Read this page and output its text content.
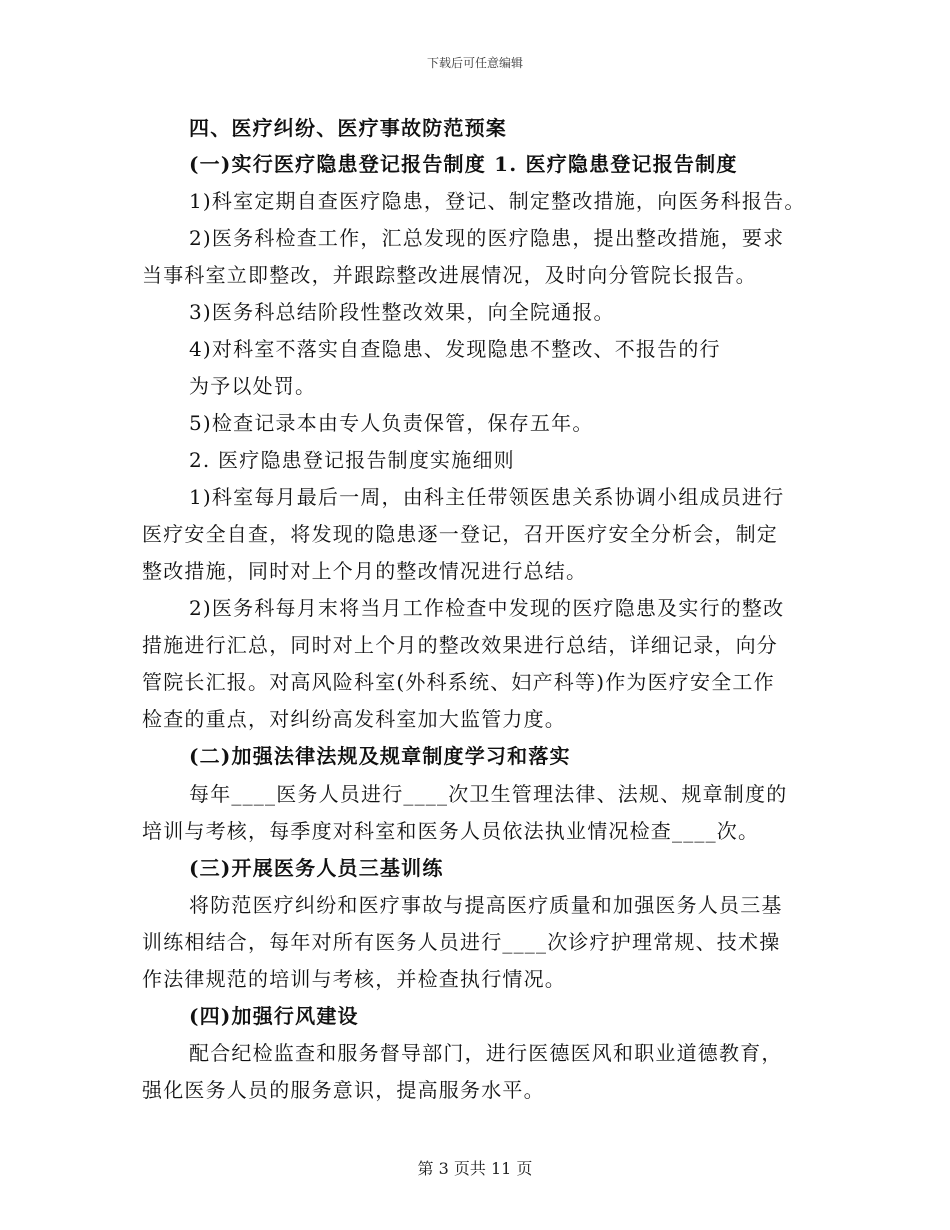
下载后可任意编辑
四、医疗纠纷、医疗事故防范预案
(一)实行医疗隐患登记报告制度 1. 医疗隐患登记报告制度
1)科室定期自查医疗隐患，登记、制定整改措施，向医务科报告。
2)医务科检查工作，汇总发现的医疗隐患，提出整改措施，要求
当事科室立即整改，并跟踪整改进展情况，及时向分管院长报告。
3)医务科总结阶段性整改效果，向全院通报。
4)对科室不落实自查隐患、发现隐患不整改、不报告的行
为予以处罚。
5)检查记录本由专人负责保管，保存五年。
2. 医疗隐患登记报告制度实施细则
1)科室每月最后一周，由科主任带领医患关系协调小组成员进行
医疗安全自查，将发现的隐患逐一登记，召开医疗安全分析会，制定
整改措施，同时对上个月的整改情况进行总结。
2)医务科每月末将当月工作检查中发现的医疗隐患及实行的整改
措施进行汇总，同时对上个月的整改效果进行总结，详细记录，向分
管院长汇报。对高风险科室(外科系统、妇产科等)作为医疗安全工作
检查的重点，对纠纷高发科室加大监管力度。
(二)加强法律法规及规章制度学习和落实
每年____医务人员进行____次卫生管理法律、法规、规章制度的
培训与考核，每季度对科室和医务人员依法执业情况检查____次。
(三)开展医务人员三基训练
将防范医疗纠纷和医疗事故与提高医疗质量和加强医务人员三基
训练相结合，每年对所有医务人员进行____次诊疗护理常规、技术操
作法律规范的培训与考核，并检查执行情况。
(四)加强行风建设
配合纪检监查和服务督导部门，进行医德医风和职业道德教育，
强化医务人员的服务意识，提高服务水平。
第 3 页共 11 页
